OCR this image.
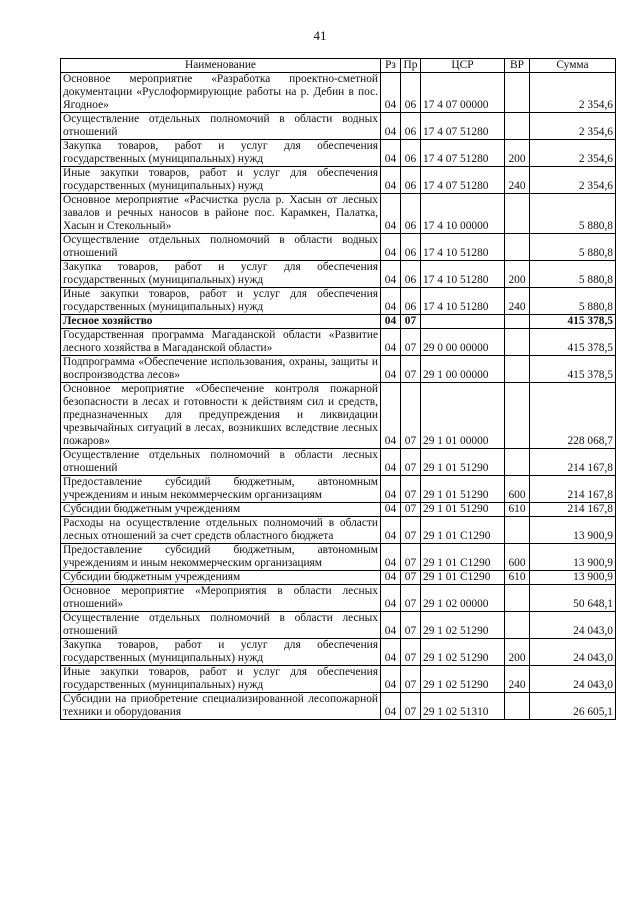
41
Наименование	Рз	Пр	ЦСР	ВР	Сумма
Основное мероприятие «Разработка проектно-сметной документации «Руслоформирующие работы на р. Дебин в пос. Ягодное»	04	06	17 4 07 00000		2 354,6
Осуществление отдельных полномочий в области водных отношений	04	06	17 4 07 51280		2 354,6
Закупка товаров, работ и услуг для обеспечения государственных (муниципальных) нужд	04	06	17 4 07 51280	200	2 354,6
Иные закупки товаров, работ и услуг для обеспечения государственных (муниципальных) нужд	04	06	17 4 07 51280	240	2 354,6
Основное мероприятие «Расчистка русла р. Хасын от лесных завалов и речных наносов в районе пос. Карамкен, Палатка, Хасын и Стекольный»	04	06	17 4 10 00000		5 880,8
Осуществление отдельных полномочий в области водных отношений	04	06	17 4 10 51280		5 880,8
Закупка товаров, работ и услуг для обеспечения государственных (муниципальных) нужд	04	06	17 4 10 51280	200	5 880,8
Иные закупки товаров, работ и услуг для обеспечения государственных (муниципальных) нужд	04	06	17 4 10 51280	240	5 880,8
Лесное хозяйство	04	07			415 378,5
Государственная программа Магаданской области «Развитие лесного хозяйства в Магаданской области»	04	07	29 0 00 00000		415 378,5
Подпрограмма «Обеспечение использования, охраны, защиты и воспроизводства лесов»	04	07	29 1 00 00000		415 378,5
Основное мероприятие «Обеспечение контроля пожарной безопасности в лесах и готовности к действиям сил и средств, предназначенных для предупреждения и ликвидации чрезвычайных ситуаций в лесах, возникших вследствие лесных пожаров»	04	07	29 1 01 00000		228 068,7
Осуществление отдельных полномочий в области лесных отношений	04	07	29 1 01 51290		214 167,8
Предоставление субсидий бюджетным, автономным учреждениям и иным некоммерческим организациям	04	07	29 1 01 51290	600	214 167,8
Субсидии бюджетным учреждениям	04	07	29 1 01 51290	610	214 167,8
Расходы на осуществление отдельных полномочий в области лесных отношений за счет средств областного бюджета	04	07	29 1 01 C1290		13 900,9
Предоставление субсидий бюджетным, автономным учреждениям и иным некоммерческим организациям	04	07	29 1 01 C1290	600	13 900,9
Субсидии бюджетным учреждениям	04	07	29 1 01 C1290	610	13 900,9
Основное мероприятие «Мероприятия в области лесных отношений»	04	07	29 1 02 00000		50 648,1
Осуществление отдельных полномочий в области лесных отношений	04	07	29 1 02 51290		24 043,0
Закупка товаров, работ и услуг для обеспечения государственных (муниципальных) нужд	04	07	29 1 02 51290	200	24 043,0
Иные закупки товаров, работ и услуг для обеспечения государственных (муниципальных) нужд	04	07	29 1 02 51290	240	24 043,0
Субсидии на приобретение специализированной лесопожарной техники и оборудования	04	07	29 1 02 51310		26 605,1
